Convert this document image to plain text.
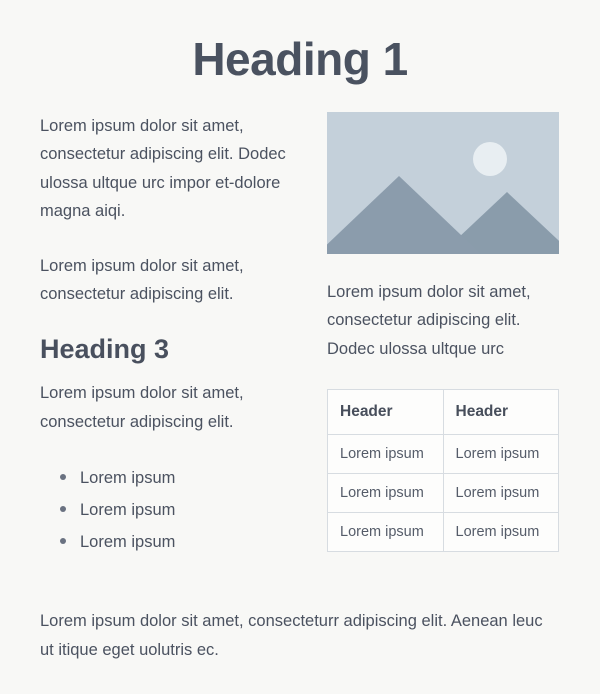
Heading 1

Lorem ipsum dolor sit amet, consectetur adipiscing elit. Dodec ulossa ultque urc impor et-dolore magna aiqi.

Lorem ipsum dolor sit amet, consectetur adipiscing elit.

Heading 3

Lorem ipsum dolor sit amet, consectetur adipiscing elit.

Lorem ipsum
Lorem ipsum
Lorem ipsum

Lorem ipsum dolor sit amet, consectetur adipiscing elit. Dodec ulossa ultque urc

Header	Header
Lorem ipsum	Lorem ipsum
Lorem ipsum	Lorem ipsum
Lorem ipsum	Lorem ipsum

Lorem ipsum dolor sit amet, consecteturr adipiscing elit. Aenean leuc ut itique eget uolutris ec.
